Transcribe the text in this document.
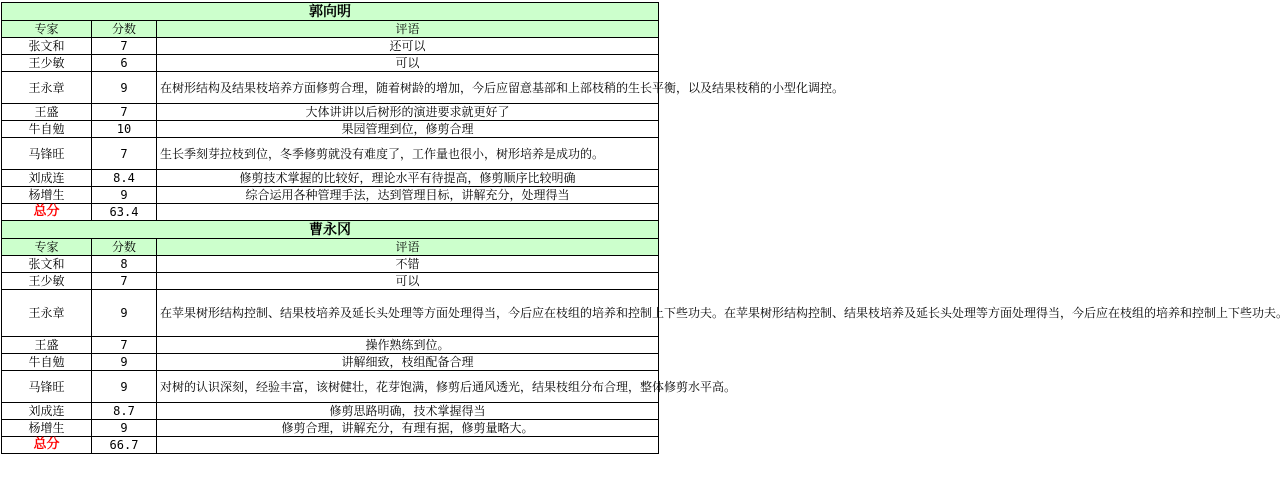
郭向明		
专家	分数	评语
张文和	7	还可以
王少敏	6	可以
王永章	9	在树形结构及结果枝培养方面修剪合理，随着树龄的增加，今后应留意基部和上部枝稍的生长平衡，以及结果枝稍的小型化调控。
王盛	7	大体讲讲以后树形的演进要求就更好了
牛自勉	10	果园管理到位，修剪合理
马锋旺	7	生长季刻芽拉枝到位，冬季修剪就没有难度了，工作量也很小，树形培养是成功的。
刘成连	8.4	修剪技术掌握的比较好，理论水平有待提高，修剪顺序比较明确
杨增生	9	综合运用各种管理手法，达到管理目标，讲解充分，处理得当
总分	63.4	
曹永冈		
专家	分数	评语
张文和	8	不错
王少敏	7	可以
王永章	9	在苹果树形结构控制、结果枝培养及延长头处理等方面处理得当，今后应在枝组的培养和控制上下些功夫。在苹果树形结构控制、结果枝培养及延长头处理等方面处理得当，今后应在枝组的培养和控制上下些功夫。
王盛	7	操作熟练到位。
牛自勉	9	讲解细致，枝组配备合理
马锋旺	9	对树的认识深刻，经验丰富，该树健壮，花芽饱满，修剪后通风透光，结果枝组分布合理，整体修剪水平高。
刘成连	8.7	修剪思路明确，技术掌握得当
杨增生	9	修剪合理，讲解充分，有理有据，修剪量略大。
总分	66.7	
